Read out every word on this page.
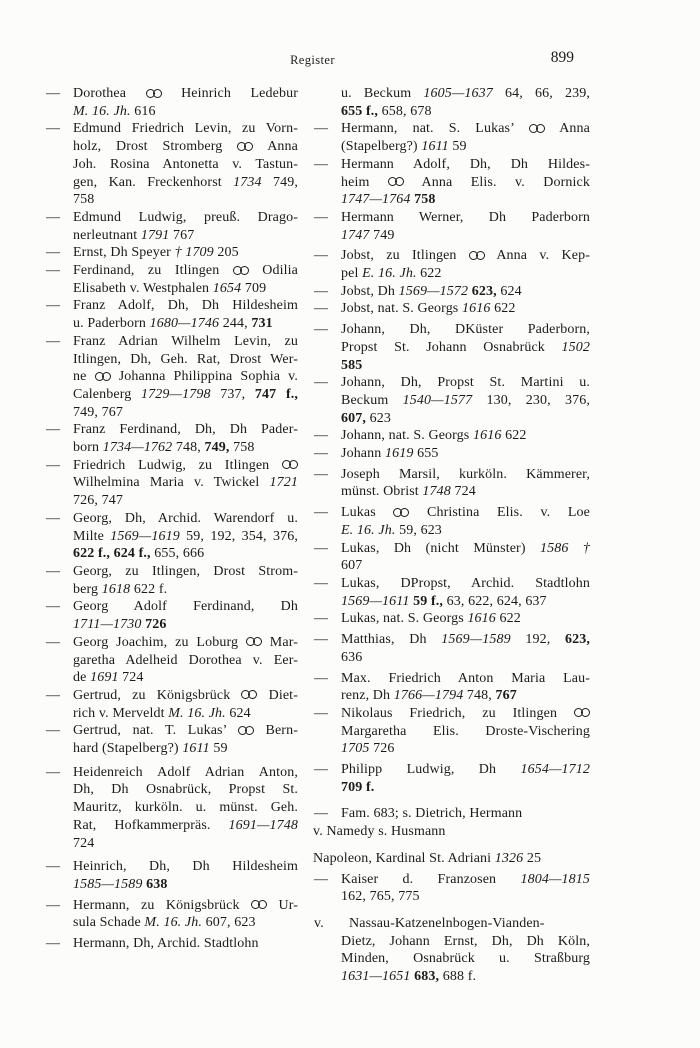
Register	899
— Dorothea
Heinrich Ledebur
M. 16. Jh. 616
— Edmund Friedrich Levin, zu Vorn-
holz, Drost Stromberg
Anna
Joh. Rosina Antonetta v. Tastun-
gen, Kan. Freckenhorst 1734 749,
758
— Edmund Ludwig, preuß. Drago-
nerleutnant 1791 767
— Ernst, Dh Speyer † 1709 205
— Ferdinand, zu Itlingen
Odilia
Elisabeth v. Westphalen 1654 709
— Franz Adolf, Dh, Dh Hildesheim
u. Paderborn 1680—1746 244, 731
— Franz Adrian Wilhelm Levin, zu
Itlingen, Dh, Geh. Rat, Drost Wer-
ne
Johanna Philippina Sophia v.
Calenberg 1729—1798 737, 747 f.,
749, 767
— Franz Ferdinand, Dh, Dh Pader-
born 1734—1762 748, 749, 758
— Friedrich Ludwig, zu Itlingen
Wilhelmina Maria v. Twickel 1721
726, 747
— Georg, Dh, Archid. Warendorf u.
Milte 1569—1619 59, 192, 354, 376,
622 f., 624 f., 655, 666
— Georg, zu Itlingen, Drost Strom-
berg 1618 622 f.
— Georg Adolf Ferdinand, Dh
1711—1730 726
— Georg Joachim, zu Loburg
Mar-
garetha Adelheid Dorothea v. Eer-
de 1691 724
— Gertrud, zu Königsbrück
Diet-
rich v. Merveldt M. 16. Jh. 624
— Gertrud, nat. T. Lukas’
Bern-
hard (Stapelberg?) 1611 59
— Heidenreich Adolf Adrian Anton,
Dh, Dh Osnabrück, Propst St.
Mauritz, kurköln. u. münst. Geh.
Rat, Hofkammerpräs. 1691—1748
724
— Heinrich, Dh, Dh Hildesheim
1585—1589 638
— Hermann, zu Königsbrück
Ur-
sula Schade M. 16. Jh. 607, 623
— Hermann, Dh, Archid. Stadtlohn
u. Beckum 1605—1637 64, 66, 239,
655 f., 658, 678
— Hermann, nat. S. Lukas’
Anna
(Stapelberg?) 1611 59
— Hermann Adolf, Dh, Dh Hildes-
heim
Anna Elis. v. Dornick
1747—1764 758
— Hermann Werner, Dh Paderborn
1747 749
— Jobst, zu Itlingen
Anna v. Kep-
pel E. 16. Jh. 622
— Jobst, Dh 1569—1572 623, 624
— Jobst, nat. S. Georgs 1616 622
— Johann, Dh, DKüster Paderborn,
Propst St. Johann Osnabrück 1502
585
— Johann, Dh, Propst St. Martini u.
Beckum 1540—1577 130, 230, 376,
607, 623
— Johann, nat. S. Georgs 1616 622
— Johann 1619 655
— Joseph Marsil, kurköln. Kämmerer,
münst. Obrist 1748 724
— Lukas
Christina Elis. v. Loe
E. 16. Jh. 59, 623
— Lukas, Dh (nicht Münster) 1586 †
607
— Lukas, DPropst, Archid. Stadtlohn
1569—1611 59 f., 63, 622, 624, 637
— Lukas, nat. S. Georgs 1616 622
— Matthias, Dh 1569—1589 192, 623,
636
— Max. Friedrich Anton Maria Lau-
renz, Dh 1766—1794 748, 767
— Nikolaus Friedrich, zu Itlingen
Margaretha Elis. Droste-Vischering
1705 726
— Philipp Ludwig, Dh 1654—1712
709 f.
— Fam. 683; s. Dietrich, Hermann
v. Namedy s. Husmann
Napoleon, Kardinal St. Adriani 1326 25
— Kaiser d. Franzosen 1804—1815
162, 765, 775
v.	Nassau-Katzenelnbogen-Vianden-
Dietz, Johann Ernst, Dh, Dh Köln,
Minden, Osnabrück u. Straßburg
1631—1651 683, 688 f.
